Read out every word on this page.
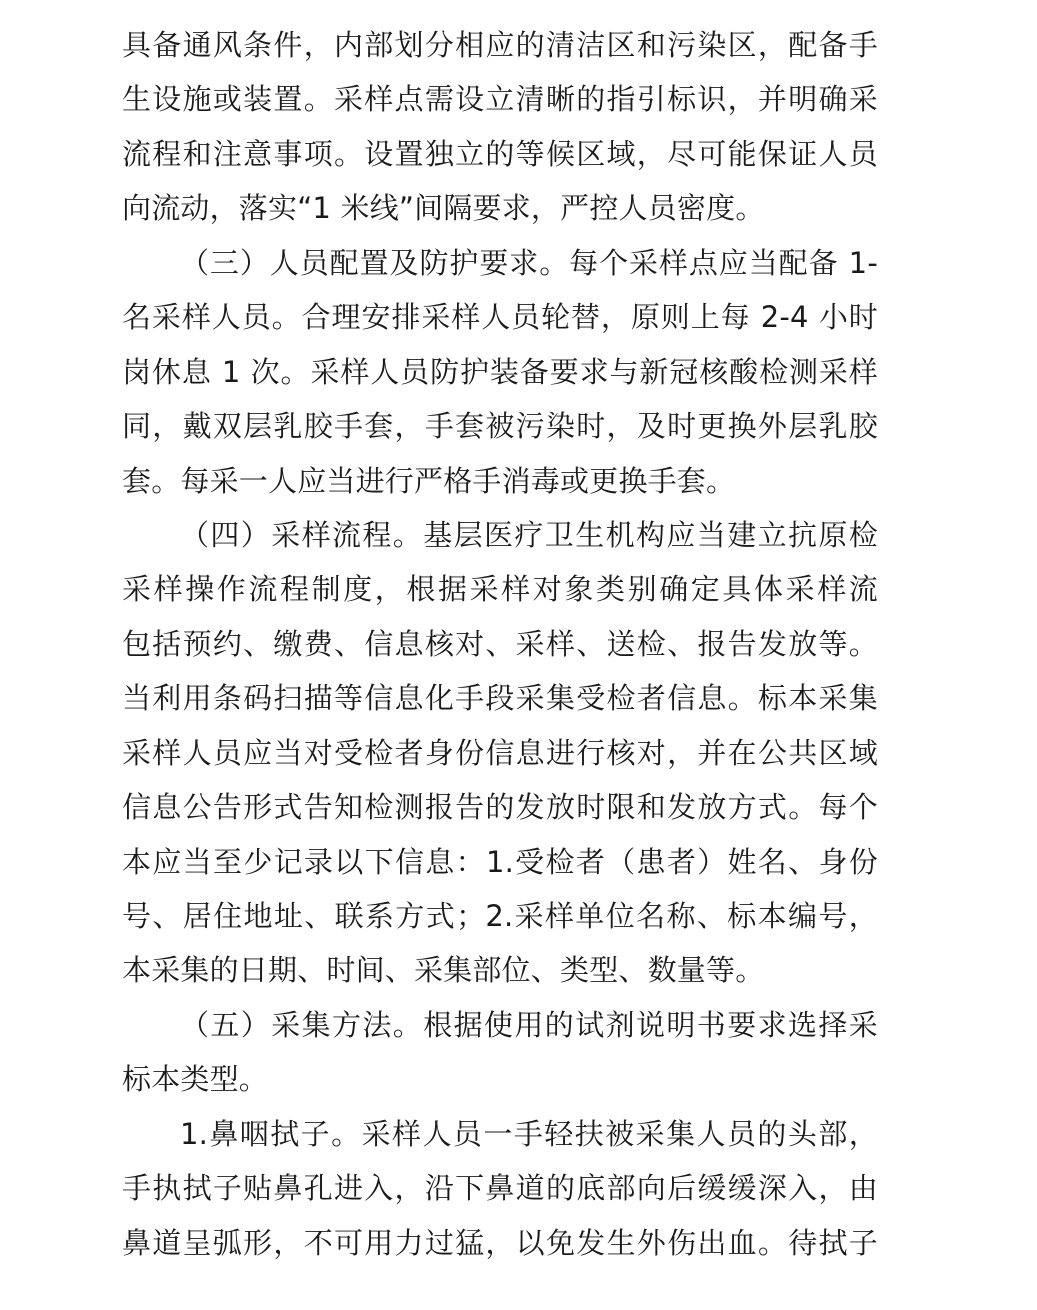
具备通风条件，内部划分相应的清洁区和污染区，配备手
生设施或装置。采样点需设立清晰的指引标识，并明确采
流程和注意事项。设置独立的等候区域，尽可能保证人员
向流动，落实“1 米线”间隔要求，严控人员密度。
（三）人员配置及防护要求。每个采样点应当配备 1-
名采样人员。合理安排采样人员轮替，原则上每 2-4 小时
岗休息 1 次。采样人员防护装备要求与新冠核酸检测采样
同，戴双层乳胶手套，手套被污染时，及时更换外层乳胶
套。每采一人应当进行严格手消毒或更换手套。
（四）采样流程。基层医疗卫生机构应当建立抗原检
采样操作流程制度，根据采样对象类别确定具体采样流
包括预约、缴费、信息核对、采样、送检、报告发放等。
当利用条码扫描等信息化手段采集受检者信息。标本采集
采样人员应当对受检者身份信息进行核对，并在公共区域
信息公告形式告知检测报告的发放时限和发放方式。每个
本应当至少记录以下信息：1.受检者（患者）姓名、身份
号、居住地址、联系方式；2.采样单位名称、标本编号，
本采集的日期、时间、采集部位、类型、数量等。
（五）采集方法。根据使用的试剂说明书要求选择采
标本类型。
1.鼻咽拭子。采样人员一手轻扶被采集人员的头部，
手执拭子贴鼻孔进入，沿下鼻道的底部向后缓缓深入，由
鼻道呈弧形，不可用力过猛，以免发生外伤出血。待拭子
